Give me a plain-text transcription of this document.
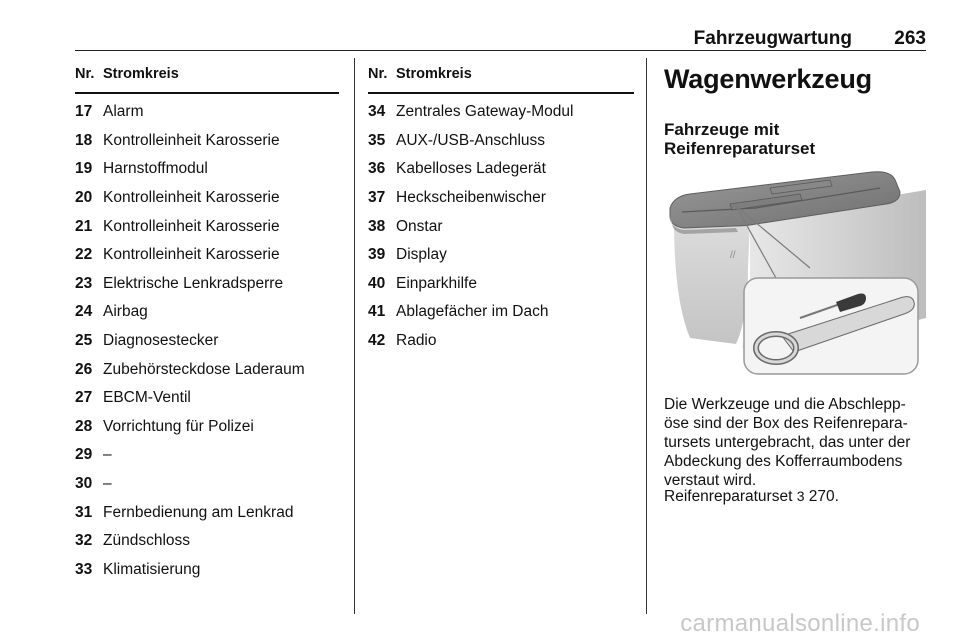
Fahrzeugwartung 263
Nr. Stromkreis
17 Alarm
18 Kontrolleinheit Karosserie
19 Harnstoffmodul
20 Kontrolleinheit Karosserie
21 Kontrolleinheit Karosserie
22 Kontrolleinheit Karosserie
23 Elektrische Lenkradsperre
24 Airbag
25 Diagnosestecker
26 Zubehörsteckdose Laderaum
27 EBCM-Ventil
28 Vorrichtung für Polizei
29 –
30 –
31 Fernbedienung am Lenkrad
32 Zündschloss
33 Klimatisierung
Nr. Stromkreis
34 Zentrales Gateway-Modul
35 AUX-/USB-Anschluss
36 Kabelloses Ladegerät
37 Heckscheibenwischer
38 Onstar
39 Display
40 Einparkhilfe
41 Ablagefächer im Dach
42 Radio
Wagenwerkzeug
Fahrzeuge mit
Reifenreparaturset
//
Die Werkzeuge und die Abschlepp-
öse sind der Box des Reifenrepara-
tursets untergebracht, das unter der
Abdeckung des Kofferraumbodens
verstaut wird.
Reifenreparaturset 3 270.
carmanualsonline.info
